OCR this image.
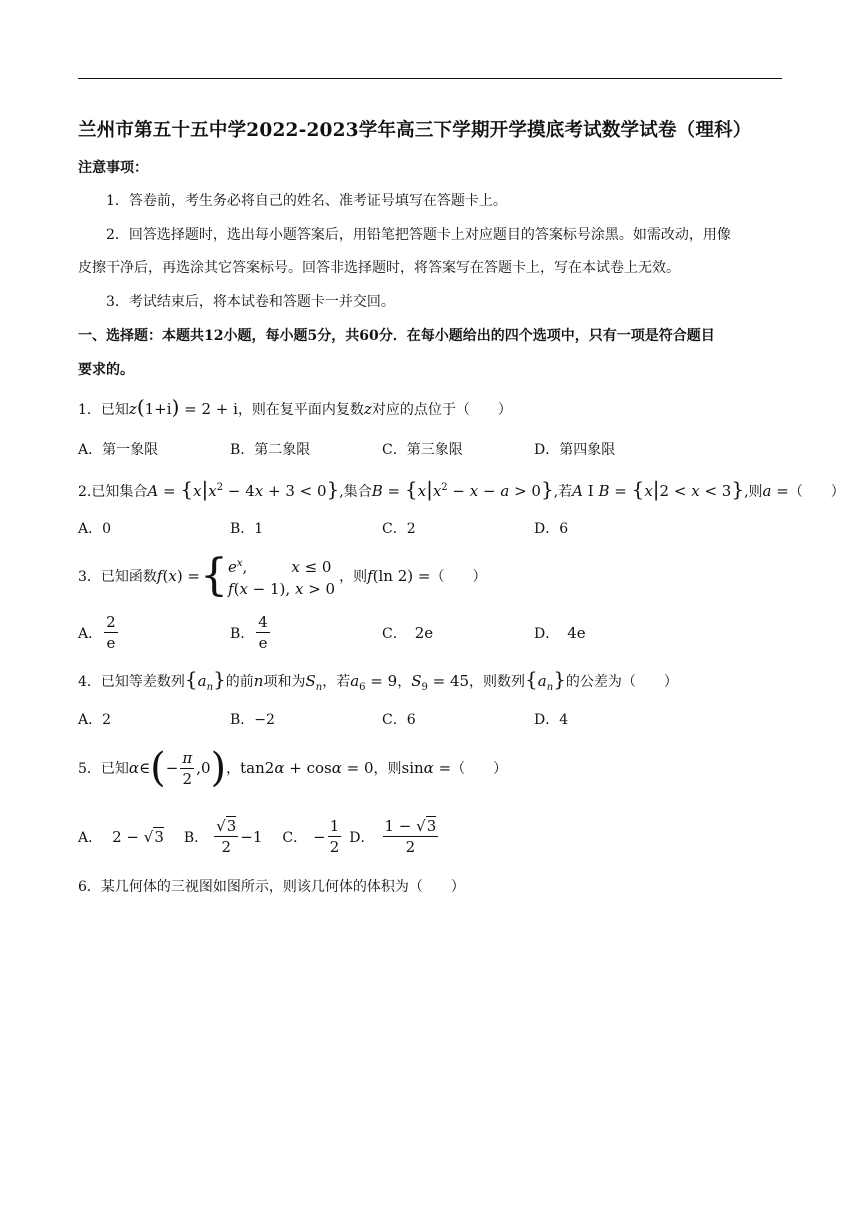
兰州市第五十五中学2022-2023学年高三下学期开学摸底考试数学试卷（理科）
注意事项：
1．答卷前，考生务必将自己的姓名、准考证号填写在答题卡上。
2．回答选择题时，选出每小题答案后，用铅笔把答题卡上对应题目的答案标号涂黑。如需改动，用像
皮擦干净后，再选涂其它答案标号。回答非选择题时，将答案写在答题卡上，写在本试卷上无效。
3．考试结束后，将本试卷和答题卡一并交回。
一、选择题：本题共12小题，每小题5分，共60分．在每小题给出的四个选项中，只有一项是符合题目
要求的。
1．已知z(1+i) = 2 + i，则在复平面内复数z对应的点位于（　　）
A．第一象限	B．第二象限	C．第三象限	D．第四象限
2.已知集合$A = \{x|x^2 - 4x + 3 < 0\}$,集合$B = \{x|x^2 - x - a > 0\}$,若A I B = {x|2 < x < 3},则a =（　　）
A．0	B．1	C．2	D．6
3．已知函数 f (x) = { $e^x$,	x ≤ 0
f(x − 1), x > 0
，则 f (ln 2) = （　　）
A． $\frac{2}{e}$	B． $\frac{4}{e}$	C． 2e	D． 4e
4．已知等差数列$\{a_n\}$的前n项和为$S_n$，若$a_6 = 9$，$S_9 = 45$，则数列$\{a_n\}$的公差为（　　）
A．2	B．−2	C．6	D．4
5．已知 α ∈ ( − $\frac{\pi}{2} ,0$ ) ， tan2α + cosα = 0 ，则 sinα = （　　）
A． 2 − √3 B． $\frac{√3}{2} -1$ C． − $\frac{1}{2}$ D． $\frac{1 - √3}{2}$
6．某几何体的三视图如图所示，则该几何体的体积为（　　）
